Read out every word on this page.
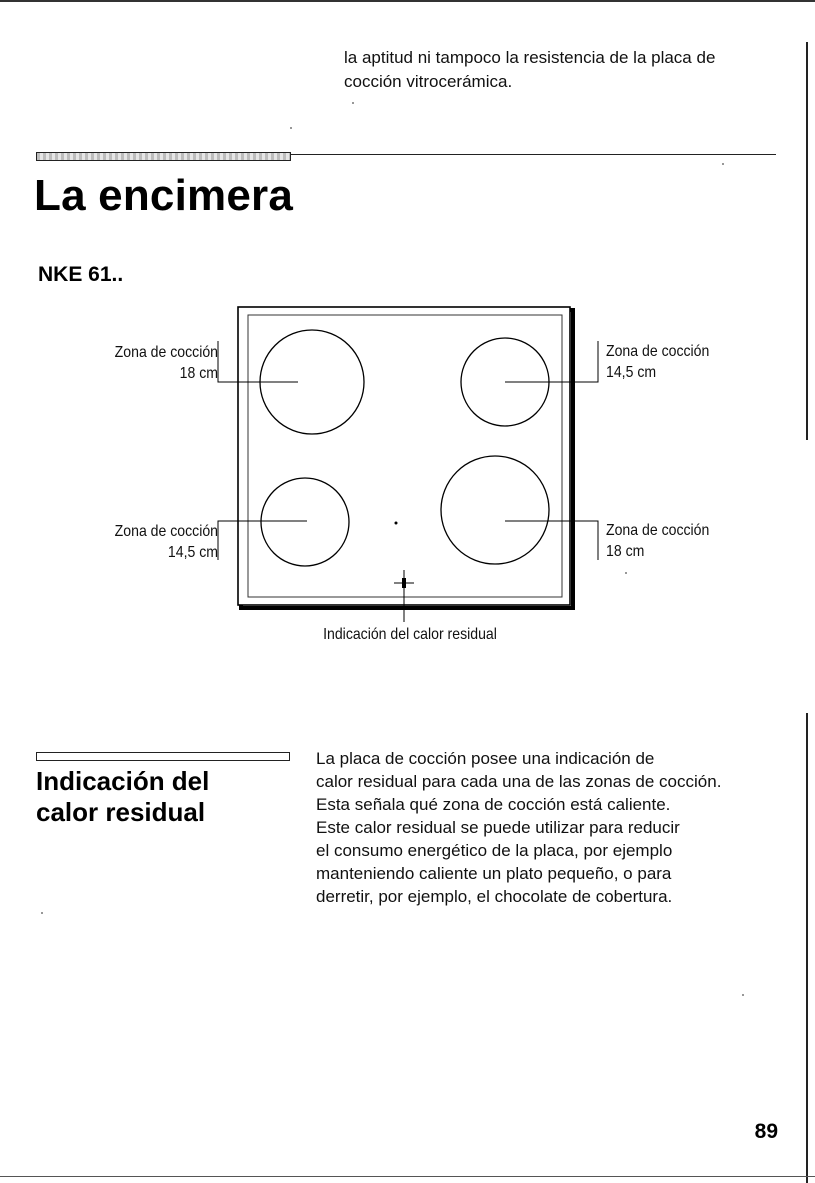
la aptitud ni tampoco la resistencia de la placa de
cocción vitrocerámica.
La encimera
NKE 61..
Zona de cocción
18 cm
Zona de cocción
14,5 cm
Zona de cocción
14,5 cm
Zona de cocción
18 cm
Indicación del calor residual
Indicación del
calor residual
La placa de cocción posee una indicación de
calor residual para cada una de las zonas de cocción.
Esta señala qué zona de cocción está caliente.
Este calor residual se puede utilizar para reducir
el consumo energético de la placa, por ejemplo
manteniendo caliente un plato pequeño, o para
derretir, por ejemplo, el chocolate de cobertura.
89
